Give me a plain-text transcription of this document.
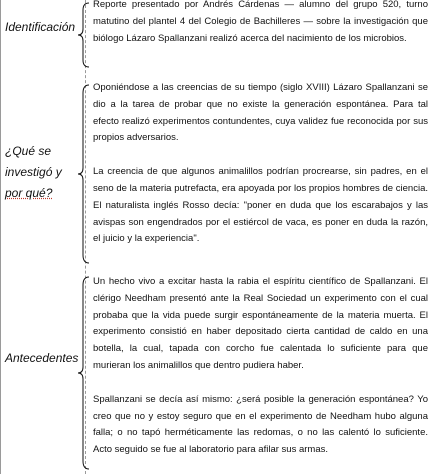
Identificación

Reporte presentado por Andrés Cárdenas — alumno del grupo 520, turno matutino del plantel 4 del Colegio de Bachilleres — sobre la investigación que biólogo Lázaro Spallanzani realizó acerca del nacimiento de los microbios.

¿Qué se
investigó y
por qué?

Oponiéndose a las creencias de su tiempo (siglo XVIII) Lázaro Spallanzani se dio a la tarea de probar que no existe la generación espontánea. Para tal efecto realizó experimentos contundentes, cuya validez fue reconocida por sus propios adversarios.

La creencia de que algunos animalillos podrían procrearse, sin padres, en el seno de la materia putrefacta, era apoyada por los propios hombres de ciencia. El naturalista inglés Rosso decía: "poner en duda que los escarabajos y las avispas son engendrados por el estiércol de vaca, es poner en duda la razón, el juicio y la experiencia".

Antecedentes

Un hecho vivo a excitar hasta la rabia el espíritu científico de Spallanzani. El clérigo Needham presentó ante la Real Sociedad un experimento con el cual probaba que la vida puede surgir espontáneamente de la materia muerta. El experimento consistió en haber depositado cierta cantidad de caldo en una botella, la cual, tapada con corcho fue calentada lo suficiente para que murieran los animalillos que dentro pudiera haber.

Spallanzani se decía así mismo: ¿será posible la generación espontánea? Yo creo que no y estoy seguro que en el experimento de Needham hubo alguna falla; o no tapó herméticamente las redomas, o no las calentó lo suficiente. Acto seguido se fue al laboratorio para afilar sus armas.
